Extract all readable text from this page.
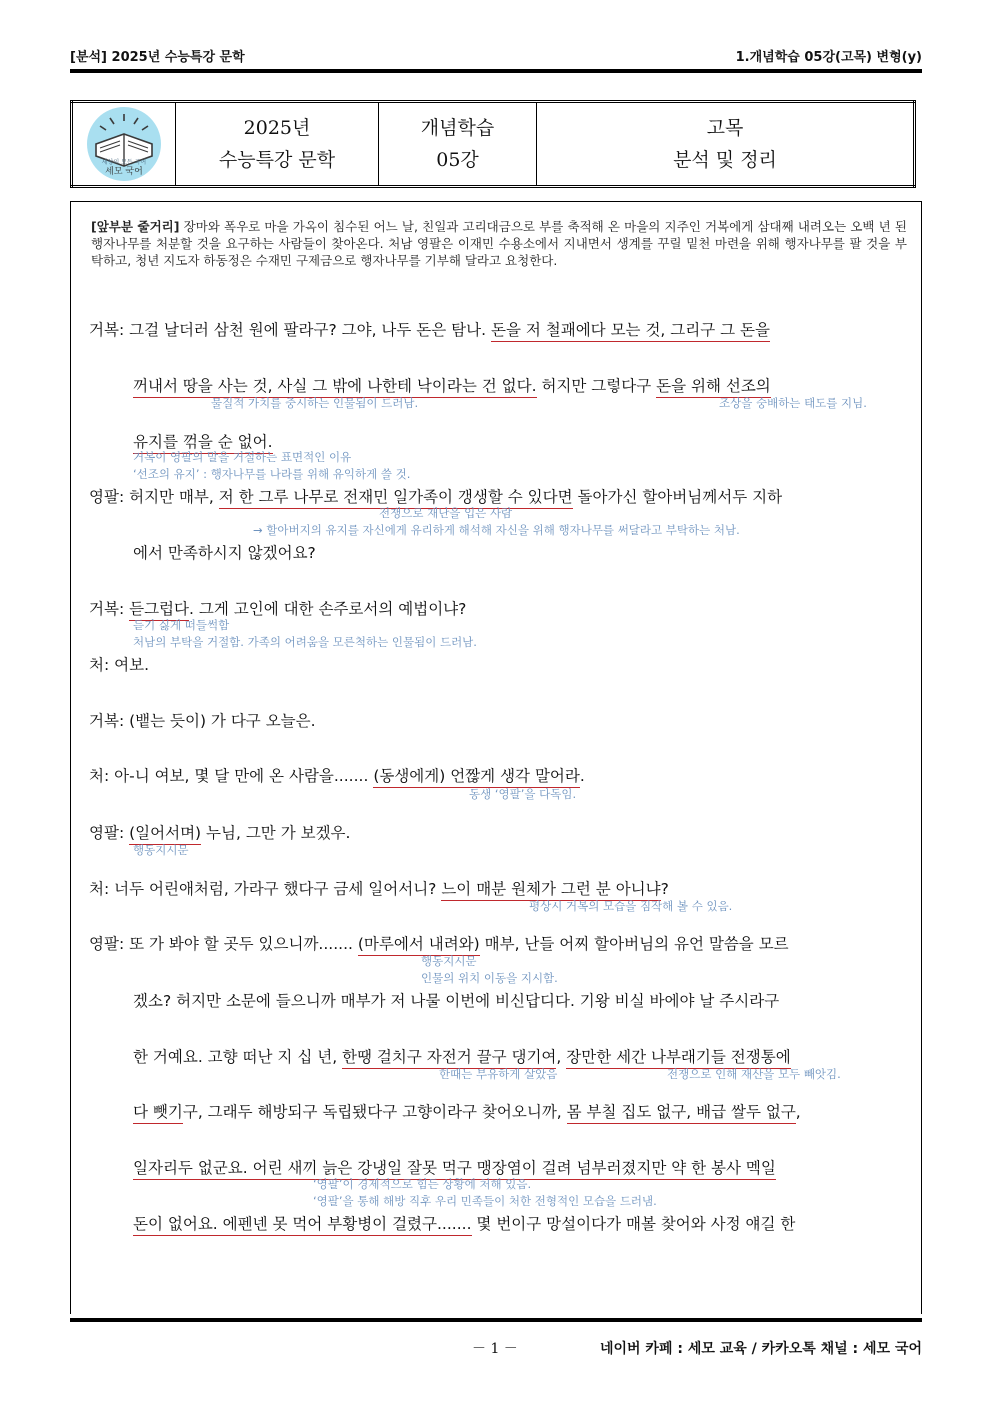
[분석] 2025년 수능특강 문학	1.개념학습 05강(고목) 변형(y)
세상의 모든 국어
세모 국어

2025년
수능특강 문학

개념학습
05강

고목
분석 및 정리
[앞부분 줄거리] 장마와 폭우로 마을 가옥이 침수된 어느 날, 친일과 고리대금으로 부를 축적해 온 마을의 지주인 거복에게 삼대째 내려오는 오백 년 된 행자나무를 처분할 것을 요구하는 사람들이 찾아온다. 처남 영팔은 이재민 수용소에서 지내면서 생계를 꾸릴 밑천 마련을 위해 행자나무를 팔 것을 부탁하고, 청년 지도자 하동정은 수재민 구제금으로 행자나무를 기부해 달라고 요청한다.
거복: 그걸 날더러 삼천 원에 팔라구? 그야, 나두 돈은 탐나. 돈을 저 철괘에다 모는 것, 그리구 그 돈을
꺼내서 땅을 사는 것, 사실 그 밖에 나한테 낙이라는 건 없다. 허지만 그렇다구 돈을 위해 선조의
물질적 가치를 중시하는 인물됨이 드러남.	조상을 숭배하는 태도를 지님.
유지를 꺾을 순 없어.
거복이 영팔의 말을 거절하는 표면적인 이유
‘선조의 유지’ : 행자나무를 나라를 위해 유익하게 쓸 것.
영팔: 허지만 매부, 저 한 그루 나무로 전재민 일가족이 갱생할 수 있다면 돌아가신 할아버님께서두 지하
전쟁으로 재난을 입은 사람
→ 할아버지의 유지를 자신에게 유리하게 해석해 자신을 위해 행자나무를 써달라고 부탁하는 처남.
에서 만족하시지 않겠어요?
거복: 듣그럽다. 그게 고인에 대한 손주로서의 예법이냐?
듣기 싫게 떠들썩함
처남의 부탁을 거절함. 가족의 어려움을 모른척하는 인물됨이 드러남.
처: 여보.
거복: (뱉는 듯이) 가 다구 오늘은.
처: 아-니 여보, 몇 달 만에 온 사람을....... (동생에게) 언짢게 생각 말어라.
동생 ‘영팔’을 다독임.
영팔: (일어서며) 누님, 그만 가 보겠우.
행동지시문
처: 너두 어린애처럼, 가라구 했다구 금세 일어서니? 느이 매분 원체가 그런 분 아니냐?
평상시 거복의 모습을 짐작해 볼 수 있음.
영팔: 또 가 봐야 할 곳두 있으니까....... (마루에서 내려와) 매부, 난들 어찌 할아버님의 유언 말씀을 모르
행동지시문
인물의 위치 이동을 지시함.
겠소? 허지만 소문에 들으니까 매부가 저 나물 이번에 비신답디다. 기왕 비실 바에야 날 주시라구
한 거예요. 고향 떠난 지 십 년, 한땡 걸치구 자전거 끌구 댕기여, 장만한 세간 나부래기들 전쟁통에
한때는 부유하게 살았음	전쟁으로 인해 재산을 모두 빼앗김.
다 뺏기구, 그래두 해방되구 독립됐다구 고향이라구 찾어오니까, 몸 부칠 집도 없구, 배급 쌀두 없구,
일자리두 없군요. 어린 새끼 늙은 강냉일 잘못 먹구 맹장염이 걸려 넘부러졌지만 약 한 봉사 멕일
‘영팔’이 경제적으로 힘든 상황에 처해 있음.
‘영팔’을 통해 해방 직후 우리 민족들이 처한 전형적인 모습을 드러냄.
돈이 없어요. 에펜넨 못 먹어 부황병이 걸렸구....... 몇 번이구 망설이다가 매볼 찾어와 사정 얘길 한
－ 1 －	네이버 카페 : 세모 교육 / 카카오톡 채널 : 세모 국어
